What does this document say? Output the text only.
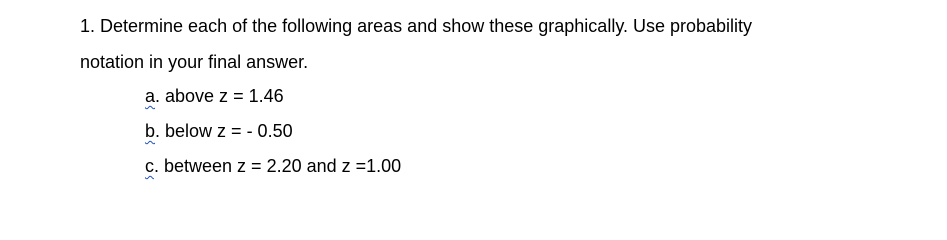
1. Determine each of the following areas and show these graphically. Use probability
notation in your final answer.
a. above z = 1.46
b. below z = - 0.50
c. between z = 2.20 and z =1.00
